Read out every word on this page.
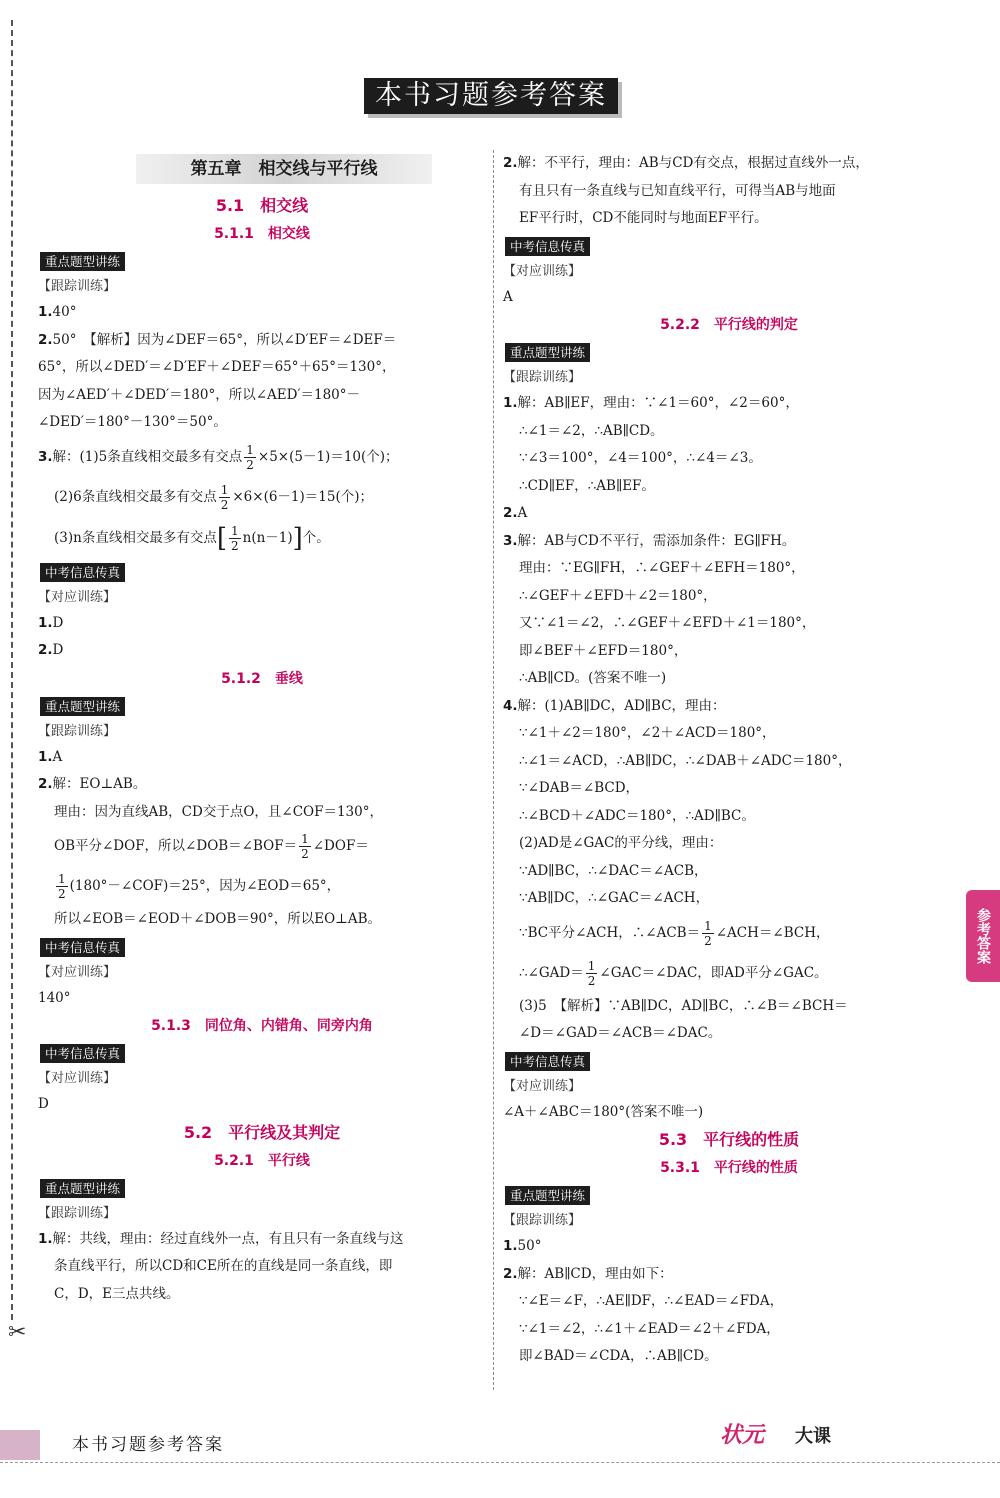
✂
本书习题参考答案
第五章　相交线与平行线
5.1　相交线
5.1.1　相交线
重点题型讲练
【跟踪训练】
1.40°
2.50°　【解析】因为∠DEF＝65°，所以∠D′EF＝∠DEF＝
65°，所以∠DED′＝∠D′EF＋∠DEF＝65°＋65°＝130°，
因为∠AED′＋∠DED′＝180°，所以∠AED′＝180°－
∠DED′＝180°－130°＝50°。
3.解：(1)5条直线相交最多有交点 $\frac{1}{2} \times 5\times(5-1)=10$(个)；
(2)6条直线相交最多有交点 $\frac{1}{2} \times 6\times(6-1)=15$(个)；
(3)n条直线相交最多有交点[ $\frac{1}{2} n(n-1)$]个。
中考信息传真
【对应训练】
1.D
2.D
5.1.2　垂线
重点题型讲练
【跟踪训练】
1.A
2.解：EO⊥AB。
理由：因为直线AB，CD交于点O，且∠COF＝130°，
OB平分∠DOF，所以∠DOB＝∠BOF＝ $\frac{1}{2}$ ∠DOF＝
$\frac{1}{2}$ (180°－∠COF)＝25°，因为∠EOD＝65°，
所以∠EOB＝∠EOD＋∠DOB＝90°，所以EO⊥AB。
中考信息传真
【对应训练】
140°
5.1.3　同位角、内错角、同旁内角
中考信息传真
【对应训练】
D
5.2　平行线及其判定
5.2.1　平行线
重点题型讲练
【跟踪训练】
1.解：共线，理由：经过直线外一点，有且只有一条直线与这
条直线平行，所以CD和CE所在的直线是同一条直线，即
C，D，E三点共线。
2.解：不平行，理由：AB与CD有交点，根据过直线外一点，
有且只有一条直线与已知直线平行，可得当AB与地面
EF平行时，CD不能同时与地面EF平行。
中考信息传真
【对应训练】
A
5.2.2　平行线的判定
重点题型讲练
【跟踪训练】
1.解：AB∥EF，理由：∵∠1＝60°，∠2＝60°，
∴∠1＝∠2，∴AB∥CD。
∵∠3＝100°，∠4＝100°，∴∠4＝∠3。
∴CD∥EF，∴AB∥EF。
2.A
3.解：AB与CD不平行，需添加条件：EG∥FH。
理由：∵EG∥FH，∴∠GEF＋∠EFH＝180°，
∴∠GEF＋∠EFD＋∠2＝180°，
又∵∠1＝∠2，∴∠GEF＋∠EFD＋∠1＝180°，
即∠BEF＋∠EFD＝180°，
∴AB∥CD。(答案不唯一)
4.解：(1)AB∥DC，AD∥BC，理由：
∵∠1＋∠2＝180°，∠2＋∠ACD＝180°，
∴∠1＝∠ACD，∴AB∥DC，∴∠DAB＋∠ADC＝180°，
∵∠DAB＝∠BCD，
∴∠BCD＋∠ADC＝180°，∴AD∥BC。
(2)AD是∠GAC的平分线，理由：
∵AD∥BC，∴∠DAC＝∠ACB，
∵AB∥DC，∴∠GAC＝∠ACH，
∵BC平分∠ACH，∴∠ACB＝ $\frac{1}{2}$ ∠ACH＝∠BCH，
∴∠GAD＝ $\frac{1}{2}$ ∠GAC＝∠DAC，即AD平分∠GAC。
(3)5　【解析】∵AB∥DC，AD∥BC，∴∠B＝∠BCH＝
∠D＝∠GAD＝∠ACB＝∠DAC。
中考信息传真
【对应训练】
∠A＋∠ABC＝180°(答案不唯一)
5.3　平行线的性质
5.3.1　平行线的性质
重点题型讲练
【跟踪训练】
1.50°
2.解：AB∥CD，理由如下：
∵∠E＝∠F，∴AE∥DF，∴∠EAD＝∠FDA，
∵∠1＝∠2，∴∠1＋∠EAD＝∠2＋∠FDA，
即∠BAD＝∠CDA，∴AB∥CD。
参考答案
本书习题参考答案	状元 大课
